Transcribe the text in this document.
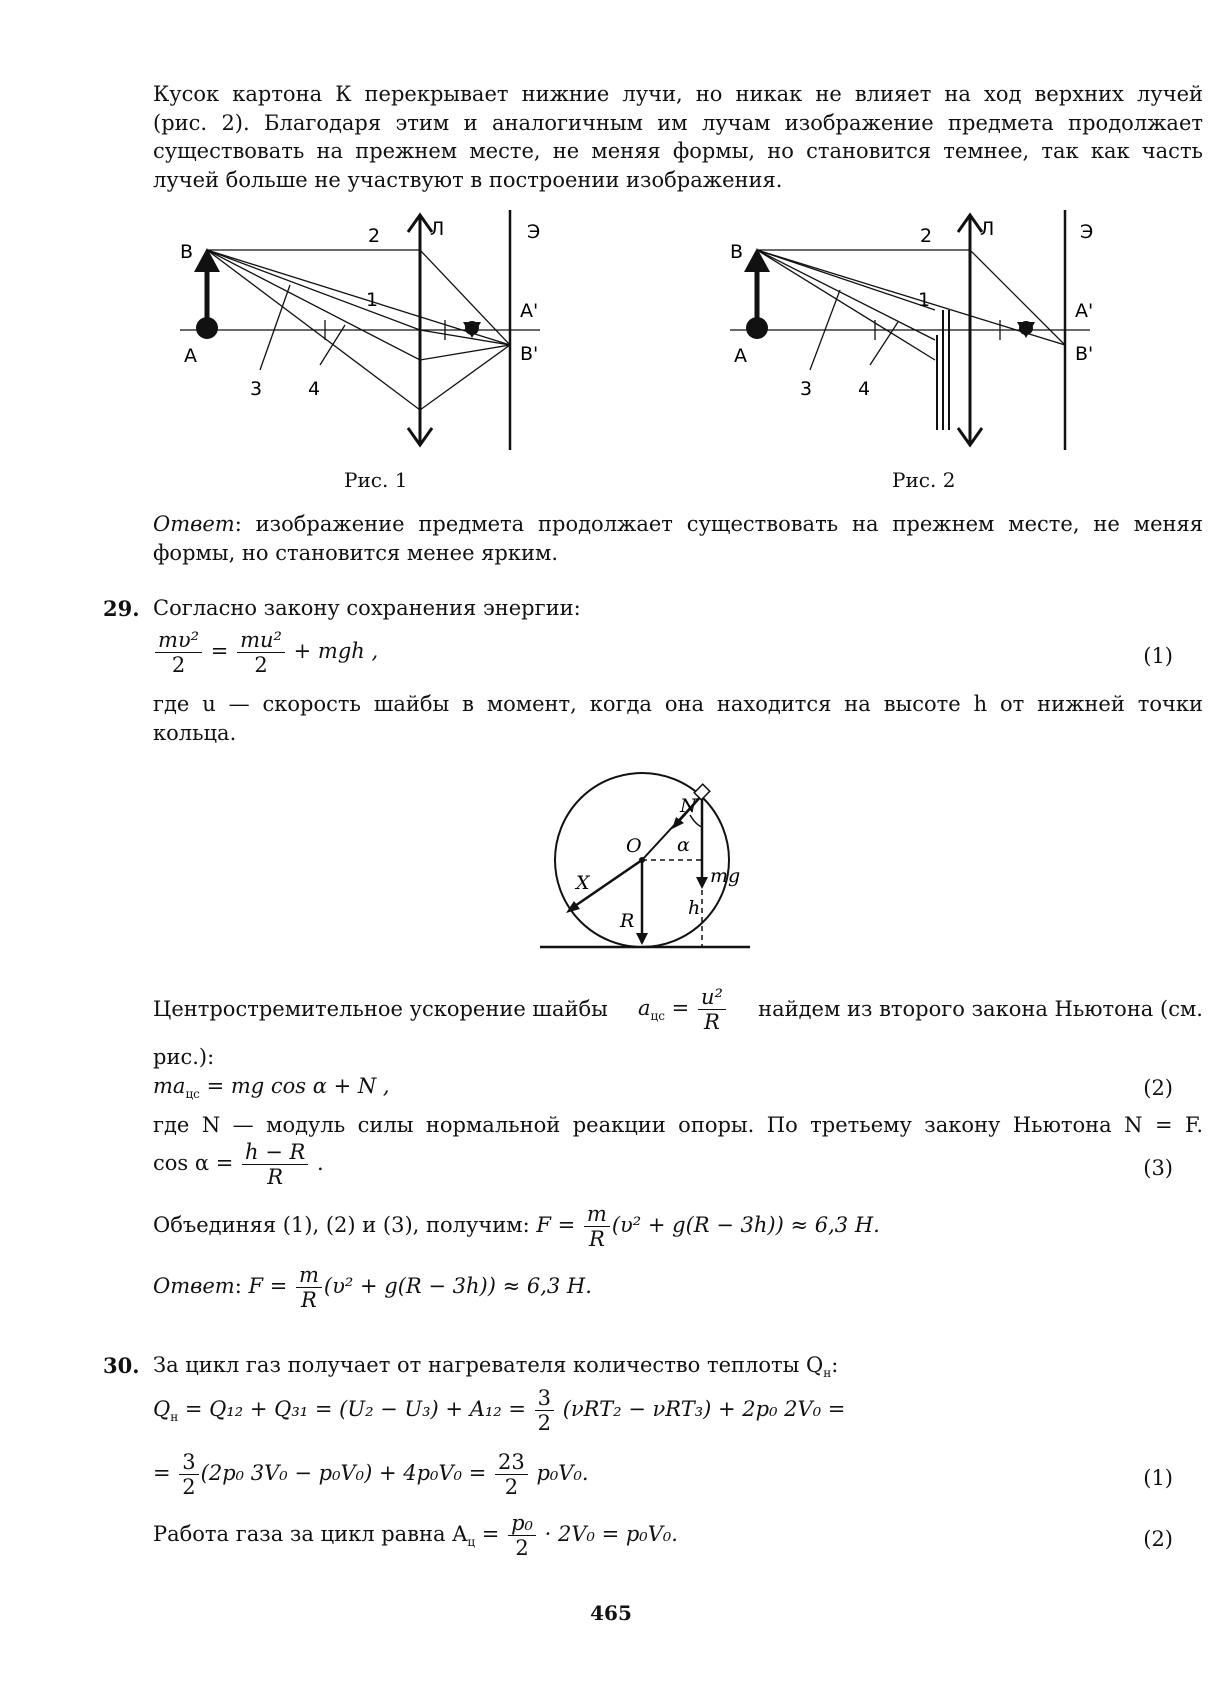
Кусок картона К перекрывает нижние лучи, но никак не влияет на ход верхних лучей
(рис. 2). Благодаря этим и аналогичным им лучам изображение предмета продолжает
существовать на прежнем месте, не меняя формы, но становится темнее, так как часть
лучей больше не участвуют в построении изображения.
B
A
Л	Э
A'
B'
2
1
3 4
Рис. 1
B
A
Л	Э
A'
B'
2
1
3 4
Рис. 2
Ответ: изображение предмета продолжает существовать на прежнем месте, не меняя
формы, но становится менее ярким.
29. Согласно закону сохранения энергии:
$\frac{\text{mυ²}}{2} = \frac{\text{mu²}}{2}$ + mgh ,	(1)
где u — скорость шайбы в момент, когда она находится на высоте h от нижней точки
кольца.
N
O α
X	mg
h
R
Центростремительное ускорение шайбы $a_{цс} = \frac{\text{u²}}{R}$ найдем из второго закона Ньютона (см.
рис.):
$ma_{цс}$ = mg cos α + N ,	(2)
где N — модуль силы нормальной реакции опоры. По третьему закону Ньютона N = F.
$\cos \alpha = \frac{h - R}{R}$ .	(3)
Объединяя (1), (2) и (3), получим: $F = \frac{m}{R} (\upsilon^2 + g(R - 3h)) \approx 6,3$ Н.
Ответ: $F = \frac{m}{R} (\upsilon^2 + g(R - 3h)) \approx 6,3$ Н.
30. За цикл газ получает от нагревателя количество теплоты $Q_н$:
$Q_н = Q_{12} + Q_{31} = (U_2 - U_3) + A_{12} = \frac{3}{2} (\nu RT_2 - \nu RT_3) + 2p_0$ 2V₀ =
= $\frac{3}{2} (2p_0$ $3V_0 - p_0V_0) + 4p_0V_0 = \frac{23}{2} p_0V_0$.	(1)
Работа газа за цикл равна $A_ц = \frac{\text{p₀}}{2} \cdot 2V_0 = p_0V_0$.	(2)
465
